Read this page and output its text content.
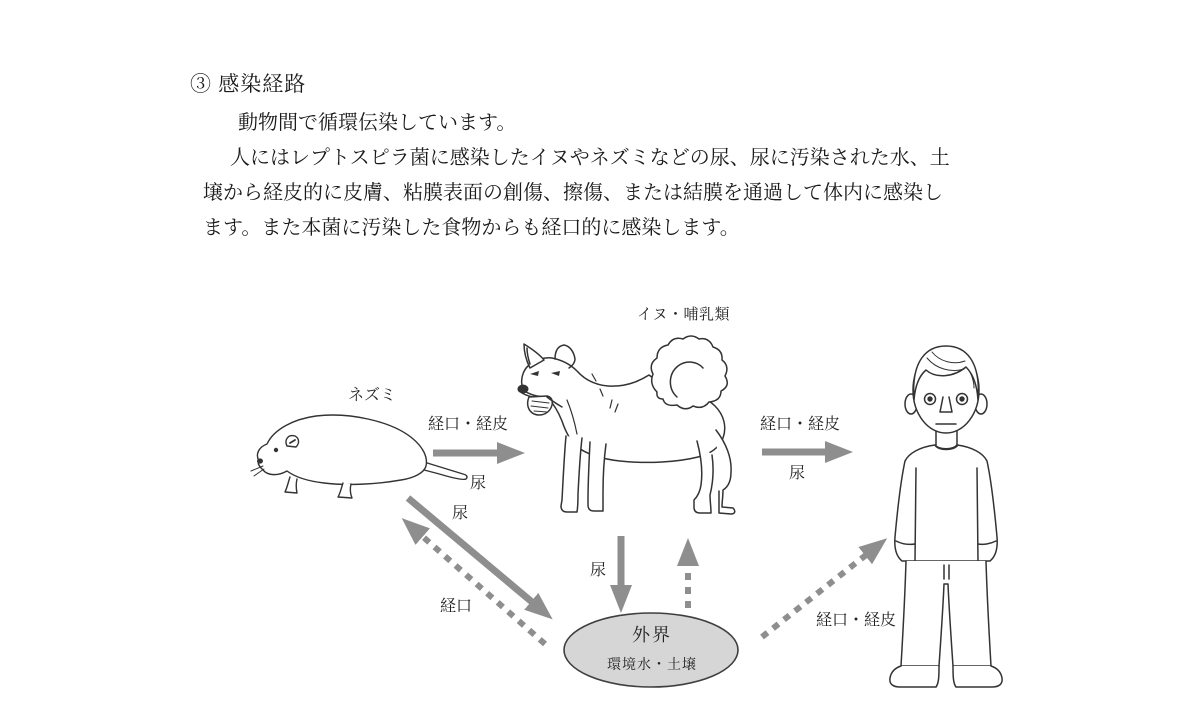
③ 感染経路
動物間で循環伝染しています。
人にはレプトスピラ菌に感染したイヌやネズミなどの尿、尿に汚染された水、土
壌から経皮的に皮膚、粘膜表面の創傷、擦傷、または結膜を通過して体内に感染し
ます。また本菌に汚染した食物からも経口的に感染します。
イヌ・哺乳類
ネズミ
経口・経皮
尿
経口・経皮
尿
尿
尿
経口
経口・経皮
外界
環境水・土壌
